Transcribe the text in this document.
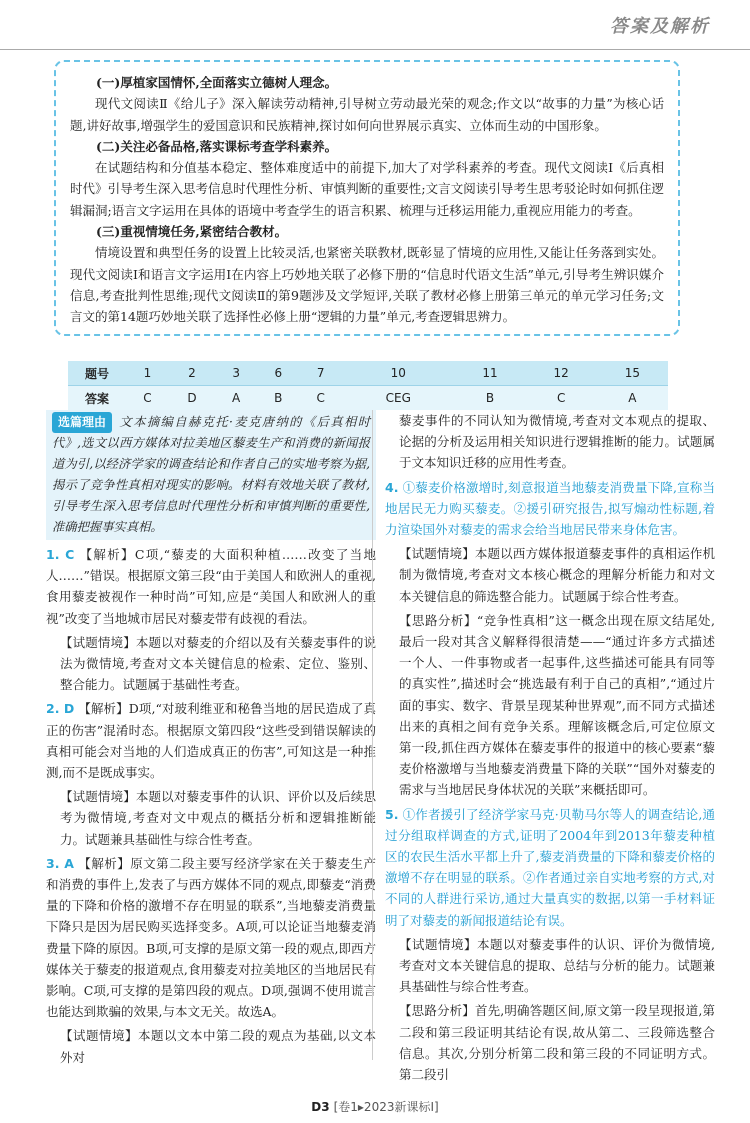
答案及解析
(一)厚植家国情怀,全面落实立德树人理念。
现代文阅读Ⅱ《给儿子》深入解读劳动精神,引导树立劳动最光荣的观念;作文以“故事的力量”为核心话题,讲好故事,增强学生的爱国意识和民族精神,探讨如何向世界展示真实、立体而生动的中国形象。
(二)关注必备品格,落实课标考查学科素养。
在试题结构和分值基本稳定、整体难度适中的前提下,加大了对学科素养的考查。现代文阅读Ⅰ《后真相时代》引导考生深入思考信息时代理性分析、审慎判断的重要性;文言文阅读引导考生思考驳论时如何抓住逻辑漏洞;语言文字运用在具体的语境中考查学生的语言积累、梳理与迁移运用能力,重视应用能力的考查。
(三)重视情境任务,紧密结合教材。
情境设置和典型任务的设置上比较灵活,也紧密关联教材,既彰显了情境的应用性,又能让任务落到实处。现代文阅读Ⅰ和语言文字运用Ⅰ在内容上巧妙地关联了必修下册的“信息时代语文生活”单元,引导考生辨识媒介信息,考查批判性思维;现代文阅读Ⅱ的第9题涉及文学短评,关联了教材必修上册第三单元的单元学习任务;文言文的第14题巧妙地关联了选择性必修上册“逻辑的力量”单元,考查逻辑思辨力。
题号	1	2	3	6	7	10	11	12	15
答案	C	D	A	B	C	CEG	B	C	A
选篇理由 文本摘编自赫克托·麦克唐纳的《后真相时代》,选文以西方媒体对拉美地区藜麦生产和消费的新闻报道为引,以经济学家的调查结论和作者自己的实地考察为据,揭示了竞争性真相对现实的影响。材料有效地关联了教材,引导考生深入思考信息时代理性分析和审慎判断的重要性,准确把握事实真相。

1. C 【解析】C项,“藜麦的大面积种植……改变了当地人……”错误。根据原文第三段“由于美国人和欧洲人的重视,食用藜麦被视作一种时尚”可知,应是“美国人和欧洲人的重视”改变了当地城市居民对藜麦带有歧视的看法。

【试题情境】本题以对藜麦的介绍以及有关藜麦事件的说法为微情境,考查对文本关键信息的检索、定位、鉴别、整合能力。试题属于基础性考查。

2. D 【解析】D项,“对玻利维亚和秘鲁当地的居民造成了真正的伤害”混淆时态。根据原文第四段“这些受到错误解读的真相可能会对当地的人们造成真正的伤害”,可知这是一种推测,而不是既成事实。

【试题情境】本题以对藜麦事件的认识、评价以及后续思考为微情境,考查对文中观点的概括分析和逻辑推断能力。试题兼具基础性与综合性考查。

3. A 【解析】原文第二段主要写经济学家在关于藜麦生产和消费的事件上,发表了与西方媒体不同的观点,即藜麦“消费量的下降和价格的激增不存在明显的联系”,当地藜麦消费量下降只是因为居民购买选择变多。A项,可以论证当地藜麦消费量下降的原因。B项,可支撑的是原文第一段的观点,即西方媒体关于藜麦的报道观点,食用藜麦对拉美地区的当地居民有影响。C项,可支撑的是第四段的观点。D项,强调不使用谎言也能达到欺骗的效果,与本文无关。故选A。

【试题情境】本题以文本中第二段的观点为基础,以文本外对

藜麦事件的不同认知为微情境,考查对文本观点的提取、论据的分析及运用相关知识进行逻辑推断的能力。试题属于文本知识迁移的应用性考查。

4. ①藜麦价格激增时,刻意报道当地藜麦消费量下降,宣称当地居民无力购买藜麦。②援引研究报告,拟写煽动性标题,着力渲染国外对藜麦的需求会给当地居民带来身体危害。

【试题情境】本题以西方媒体报道藜麦事件的真相运作机制为微情境,考查对文本核心概念的理解分析能力和对文本关键信息的筛选整合能力。试题属于综合性考查。

【思路分析】“竞争性真相”这一概念出现在原文结尾处,最后一段对其含义解释得很清楚——“通过许多方式描述一个人、一件事物或者一起事件,这些描述可能具有同等的真实性”,描述时会“挑选最有利于自己的真相”,“通过片面的事实、数字、背景呈现某种世界观”,而不同方式描述出来的真相之间有竞争关系。理解该概念后,可定位原文第一段,抓住西方媒体在藜麦事件的报道中的核心要素“藜麦价格激增与当地藜麦消费量下降的关联”“国外对藜麦的需求与当地居民身体状况的关联”来概括即可。

5. ①作者援引了经济学家马克·贝勒马尔等人的调查结论,通过分组取样调查的方式,证明了2004年到2013年藜麦种植区的农民生活水平都上升了,藜麦消费量的下降和藜麦价格的激增不存在明显的联系。②作者通过亲自实地考察的方式,对不同的人群进行采访,通过大量真实的数据,以第一手材料证明了对藜麦的新闻报道结论有误。

【试题情境】本题以对藜麦事件的认识、评价为微情境,考查对文本关键信息的提取、总结与分析的能力。试题兼具基础性与综合性考查。

【思路分析】首先,明确答题区间,原文第一段呈现报道,第二段和第三段证明其结论有误,故从第二、三段筛选整合信息。其次,分别分析第二段和第三段的不同证明方式。第二段引

D3 [卷1▸2023新课标Ⅰ]
